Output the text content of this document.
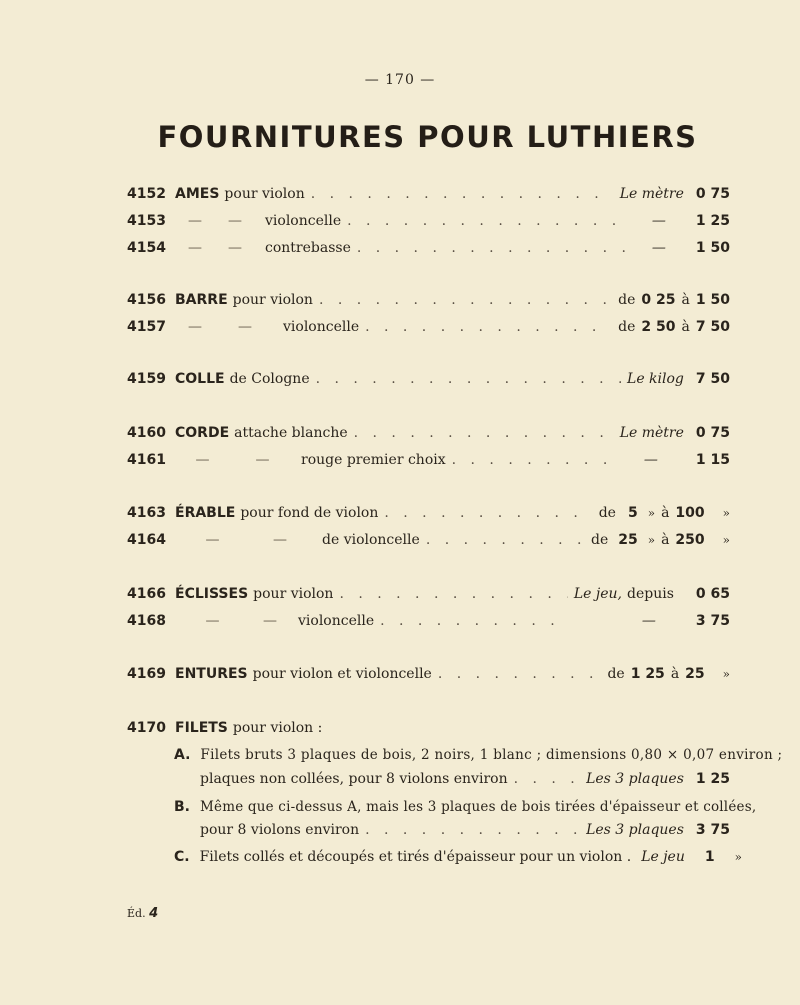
— 170 —
FOURNITURES POUR LUTHIERS
4152 AMES pour violon . . .	Le mètre 0 75
4153	—	—	violoncelle . . .	—	1 25
4154	—	—	contrebasse . . .	—	1 50
4156 BARRE pour violon . . .	de 0 25 à 1 50
4157	—	—	violoncelle . . .	de 2 50 à 7 50
4159 COLLE de Cologne . . .	Le kilog 7 50
4160 CORDE attache blanche . . .	Le mètre 0 75
4161	—	—	rouge premier choix . . .	—	1 15
4163 ÉRABLE pour fond de violon . . .	de 5 » à 100 »
4164	—	—	de violoncelle . . .	de 25 » à 250 »
4166 ÉCLISSES pour violon . . .	Le jeu, depuis 0 65
4168	—	—	violoncelle . . .	—	3 75
4169 ENTURES pour violon et violoncelle . . .	de 1 25 à 25 »
4170 FILETS pour violon :
A. Filets bruts 3 plaques de bois, 2 noirs, 1 blanc ; dimensions 0,80 × 0,07 environ ;
plaques non collées, pour 8 violons environ . . .	Les 3 plaques 1 25
B. Même que ci-dessus A, mais les 3 plaques de bois tirées d'épaisseur et collées,
pour 8 violons environ . . .	Les 3 plaques 3 75
C. Filets collés et découpés et tirés d'épaisseur pour un violon . Le jeu 1 »
Éd. 4
